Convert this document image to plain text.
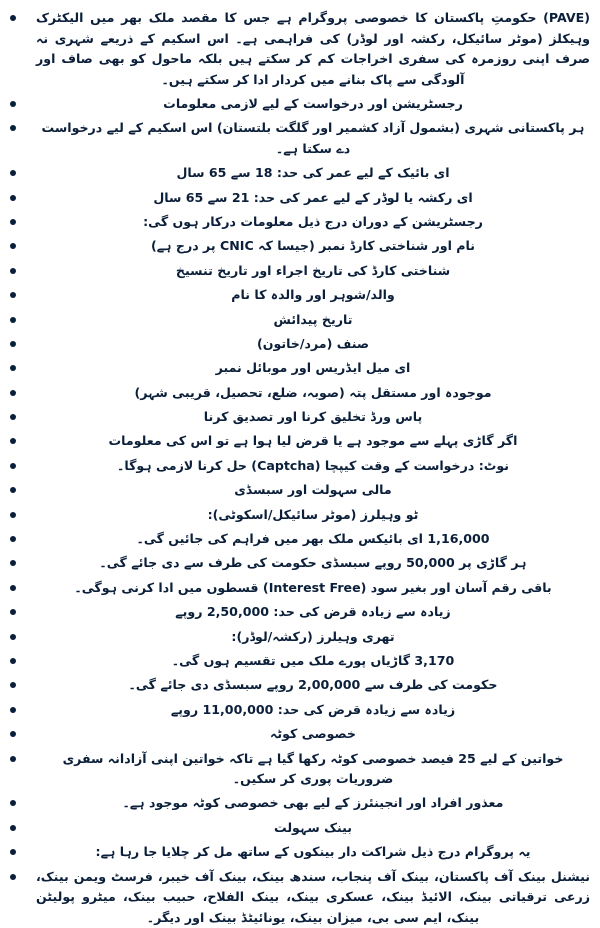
(PAVE) حکومتِ پاکستان کا خصوصی پروگرام ہے جس کا مقصد ملک بھر میں الیکٹرک وہیکلز (موٹر سائیکل، رکشہ اور لوڈر) کی فراہمی ہے۔ اس اسکیم کے ذریعے شہری نہ صرف اپنی روزمرہ کی سفری اخراجات کم کر سکتے ہیں بلکہ ماحول کو بھی صاف اور آلودگی سے پاک بنانے میں کردار ادا کر سکتے ہیں۔
رجسٹریشن اور درخواست کے لیے لازمی معلومات
ہر پاکستانی شہری (بشمول آزاد کشمیر اور گلگت بلتستان) اس اسکیم کے لیے درخواست دے سکتا ہے۔
ای بائیک کے لیے عمر کی حد: 18 سے 65 سال
ای رکشہ یا لوڈر کے لیے عمر کی حد: 21 سے 65 سال
رجسٹریشن کے دوران درج ذیل معلومات درکار ہوں گی:
نام اور شناختی کارڈ نمبر (جیسا کہ CNIC پر درج ہے)
شناختی کارڈ کی تاریخ اجراء اور تاریخ تنسیخ
والد/شوہر اور والدہ کا نام
تاریخ پیدائش
صنف (مرد/خاتون)
ای میل ایڈریس اور موبائل نمبر
موجودہ اور مستقل پتہ (صوبہ، ضلع، تحصیل، قریبی شہر)
پاس ورڈ تخلیق کرنا اور تصدیق کرنا
اگر گاڑی پہلے سے موجود ہے یا قرض لیا ہوا ہے تو اس کی معلومات
نوٹ: درخواست کے وقت کیپچا (Captcha) حل کرنا لازمی ہوگا۔
مالی سہولت اور سبسڈی
ٹو وہیلرز (موٹر سائیکل/اسکوٹی):
1,16,000 ای بائیکس ملک بھر میں فراہم کی جائیں گی۔
ہر گاڑی پر 50,000 روپے سبسڈی حکومت کی طرف سے دی جائے گی۔
باقی رقم آسان اور بغیر سود (Interest Free) قسطوں میں ادا کرنی ہوگی۔
زیادہ سے زیادہ قرض کی حد: 2,50,000 روپے
تھری وہیلرز (رکشہ/لوڈر):
3,170 گاڑیاں پورے ملک میں تقسیم ہوں گی۔
حکومت کی طرف سے 2,00,000 روپے سبسڈی دی جائے گی۔
زیادہ سے زیادہ قرض کی حد: 11,00,000 روپے
خصوصی کوٹہ
خواتین کے لیے 25 فیصد خصوصی کوٹہ رکھا گیا ہے تاکہ خواتین اپنی آزادانہ سفری ضروریات پوری کر سکیں۔
معذور افراد اور انجینئرز کے لیے بھی خصوصی کوٹہ موجود ہے۔
بینک سہولت
یہ پروگرام درج ذیل شراکت دار بینکوں کے ساتھ مل کر چلایا جا رہا ہے:
نیشنل بینک آف پاکستان، بینک آف پنجاب، سندھ بینک، بینک آف خیبر، فرسٹ ویمن بینک، زرعی ترقیاتی بینک، الائیڈ بینک، عسکری بینک، بینک الفلاح، حبیب بینک، میٹرو پولیٹن بینک، ایم سی بی، میزان بینک، یونائیٹڈ بینک اور دیگر۔
